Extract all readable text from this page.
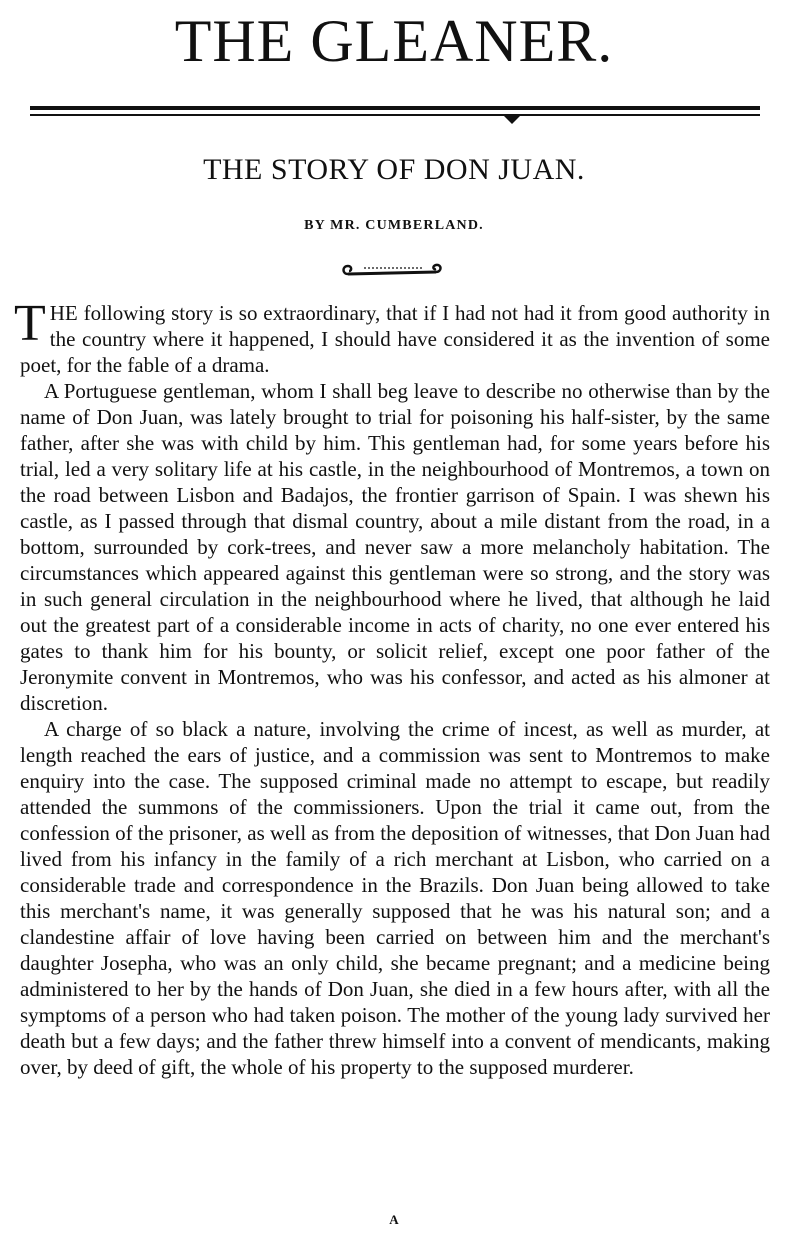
THE GLEANER.
THE STORY OF DON JUAN.
BY MR. CUMBERLAND.

THE following story is so extraordinary, that if I had not had it from good authority in the country where it happened, I should have considered it as the invention of some poet, for the fable of a drama.

A Portuguese gentleman, whom I shall beg leave to describe no otherwise than by the name of Don Juan, was lately brought to trial for poisoning his half-sister, by the same father, after she was with child by him. This gentleman had, for some years before his trial, led a very solitary life at his castle, in the neighbourhood of Montremos, a town on the road between Lisbon and Badajos, the frontier garrison of Spain. I was shewn his castle, as I passed through that dismal country, about a mile distant from the road, in a bottom, surrounded by cork-trees, and never saw a more melancholy habitation. The circumstances which appeared against this gentleman were so strong, and the story was in such general circulation in the neighbourhood where he lived, that although he laid out the greatest part of a considerable income in acts of charity, no one ever entered his gates to thank him for his bounty, or solicit relief, except one poor father of the Jeronymite convent in Montremos, who was his confessor, and acted as his almoner at discretion.

A charge of so black a nature, involving the crime of incest, as well as murder, at length reached the ears of justice, and a commission was sent to Montremos to make enquiry into the case. The supposed criminal made no attempt to escape, but readily attended the summons of the commissioners. Upon the trial it came out, from the confession of the prisoner, as well as from the deposition of witnesses, that Don Juan had lived from his infancy in the family of a rich merchant at Lisbon, who carried on a considerable trade and correspondence in the Brazils. Don Juan being allowed to take this merchant's name, it was generally supposed that he was his natural son; and a clandestine affair of love having been carried on between him and the merchant's daughter Josepha, who was an only child, she became pregnant; and a medicine being administered to her by the hands of Don Juan, she died in a few hours after, with all the symptoms of a person who had taken poison. The mother of the young lady survived her death but a few days; and the father threw himself into a convent of mendicants, making over, by deed of gift, the whole of his property to the supposed murderer.

A
